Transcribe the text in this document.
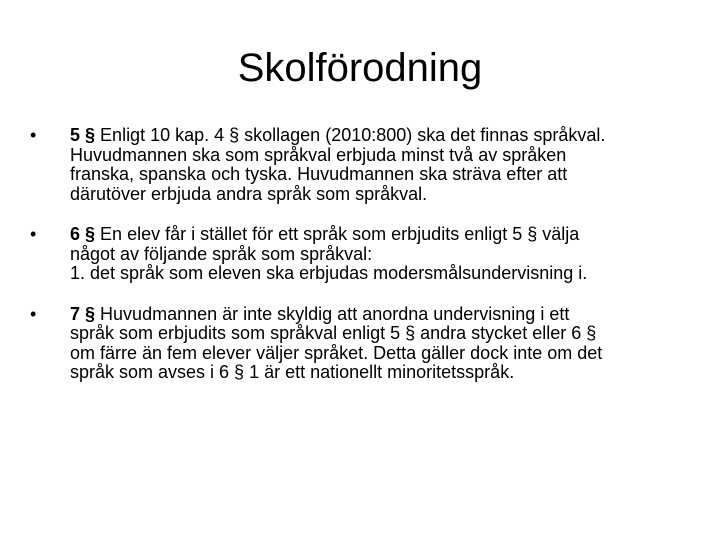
Skolförodning
•	5 § Enligt 10 kap. 4 § skollagen (2010:800) ska det finnas språkval.
Huvudmannen ska som språkval erbjuda minst två av språken
franska, spanska och tyska. Huvudmannen ska sträva efter att
därutöver erbjuda andra språk som språkval.
•	6 § En elev får i stället för ett språk som erbjudits enligt 5 § välja
något av följande språk som språkval:
1. det språk som eleven ska erbjudas modersmålsundervisning i.
•	7 § Huvudmannen är inte skyldig att anordna undervisning i ett
språk som erbjudits som språkval enligt 5 § andra stycket eller 6 §
om färre än fem elever väljer språket. Detta gäller dock inte om det
språk som avses i 6 § 1 är ett nationellt minoritetsspråk.
